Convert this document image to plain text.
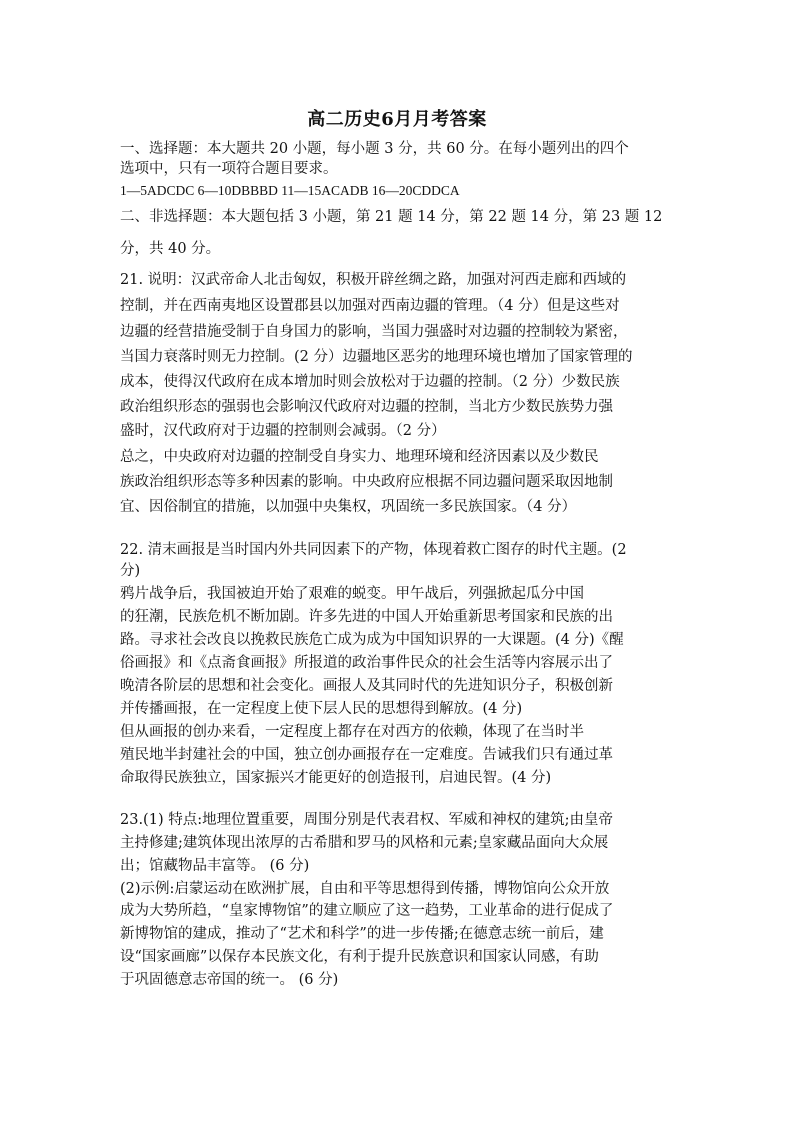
高二历史6月月考答案
一、选择题：本大题共 20 小题，每小题 3 分，共 60 分。在每小题列出的四个
选项中，只有一项符合题目要求。
1—5ADCDC 6—10DBBBD 11—15ACADB 16—20CDDCA
二、非选择题：本大题包括 3 小题，第 21 题 14 分，第 22 题 14 分，第 23 题 12
分，共 40 分。
21. 说明：汉武帝命人北击匈奴，积极开辟丝绸之路，加强对河西走廊和西域的
控制，并在西南夷地区设置郡县以加强对西南边疆的管理。（4 分）但是这些对
边疆的经营措施受制于自身国力的影响，当国力强盛时对边疆的控制较为紧密，
当国力衰落时则无力控制。(2 分）边疆地区恶劣的地理环境也增加了国家管理的
成本，使得汉代政府在成本增加时则会放松对于边疆的控制。（2 分）少数民族
政治组织形态的强弱也会影响汉代政府对边疆的控制，当北方少数民族势力强
盛时，汉代政府对于边疆的控制则会减弱。（2 分）
总之，中央政府对边疆的控制受自身实力、地理环境和经济因素以及少数民
族政治组织形态等多种因素的影响。中央政府应根据不同边疆问题采取因地制
宜、因俗制宜的措施，以加强中央集权，巩固统一多民族国家。（4 分）
22. 清末画报是当时国内外共同因素下的产物，体现着救亡图存的时代主题。(2
分)
鸦片战争后，我国被迫开始了艰难的蜕变。甲午战后，列强掀起瓜分中国
的狂潮，民族危机不断加剧。许多先进的中国人开始重新思考国家和民族的出
路。寻求社会改良以挽救民族危亡成为成为中国知识界的一大课题。(4 分)《醒
俗画报》和《点斋食画报》所报道的政治事件民众的社会生活等内容展示出了
晚清各阶层的思想和社会变化。画报人及其同时代的先进知识分子，积极创新
并传播画报，在一定程度上使下层人民的思想得到解放。(4 分)
但从画报的创办来看，一定程度上都存在对西方的依赖，体现了在当时半
殖民地半封建社会的中国，独立创办画报存在一定难度。告诫我们只有通过革
命取得民族独立，国家振兴才能更好的创造报刊，启迪民智。(4 分)
23.(1) 特点:地理位置重要，周围分别是代表君权、军威和神权的建筑;由皇帝
主持修建;建筑体现出浓厚的古希腊和罗马的风格和元素;皇家藏品面向大众展
出；馆藏物品丰富等。 (6 分)
(2)示例:启蒙运动在欧洲扩展，自由和平等思想得到传播，博物馆向公众开放
成为大势所趋，“皇家博物馆”的建立顺应了这一趋势，工业革命的进行促成了
新博物馆的建成，推动了“艺术和科学”的进一步传播;在德意志统一前后，建
设“国家画廊”以保存本民族文化，有利于提升民族意识和国家认同感，有助
于巩固德意志帝国的统一。 (6 分)
